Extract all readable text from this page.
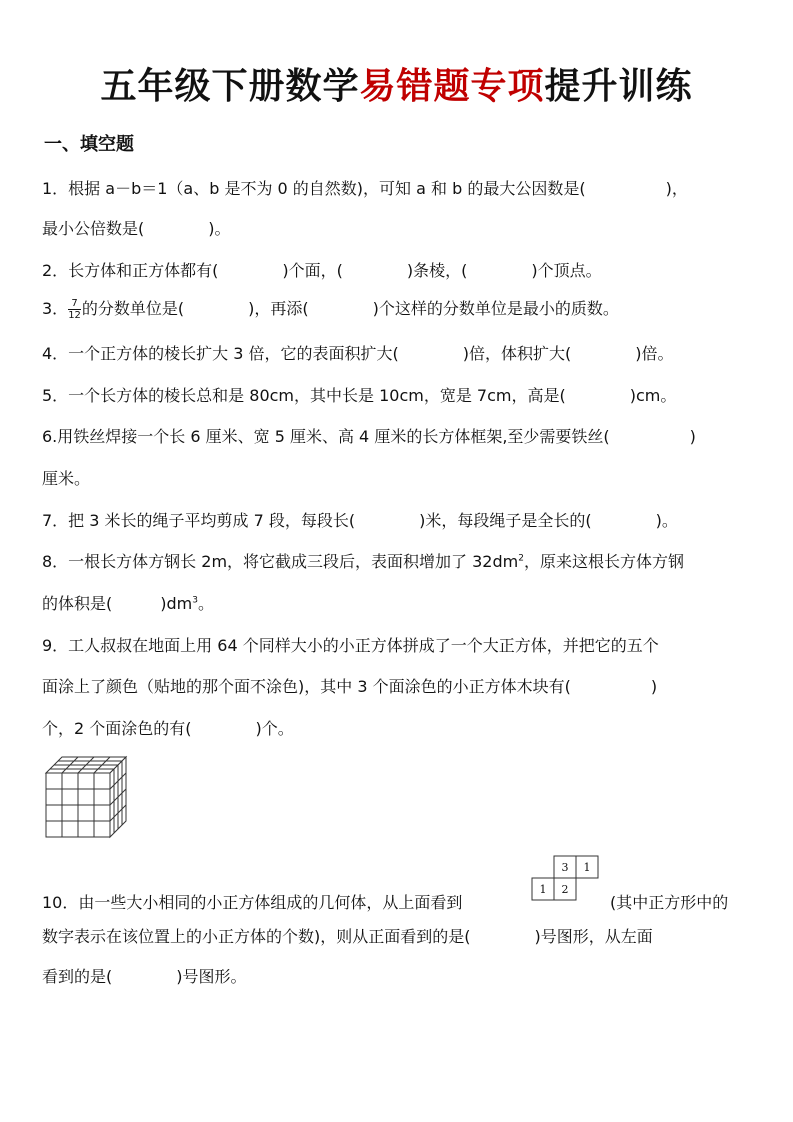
五年级下册数学易错题专项提升训练
一、填空题
1．根据 a－b＝1（a、b 是不为 0 的自然数)，可知 a 和 b 的最大公因数是(　　　　　)，
最小公倍数是(　　　　)。
2．长方体和正方体都有(　　　　)个面，(　　　　)条棱，(　　　　)个顶点。
3． $\frac{7}{12}$ 的分数单位是(　　　　)，再添(　　　　)个这样的分数单位是最小的质数。
4．一个正方体的棱长扩大 3 倍，它的表面积扩大(　　　　)倍，体积扩大(　　　　)倍。
5．一个长方体的棱长总和是 80cm，其中长是 10cm，宽是 7cm，高是(　　　　)cm。
6.用铁丝焊接一个长 6 厘米、宽 5 厘米、高 4 厘米的长方体框架,至少需要铁丝(　　　　　)
厘米。
7．把 3 米长的绳子平均剪成 7 段，每段长(　　　　)米，每段绳子是全长的(　　　　)。
8．一根长方体方钢长 2m，将它截成三段后，表面积增加了 $32dm^2$，原来这根长方体方钢
的体积是(　　　)$dm^3$。
9．工人叔叔在地面上用 64 个同样大小的小正方体拼成了一个大正方体，并把它的五个
面涂上了颜色（贴地的那个面不涂色)，其中 3 个面涂色的小正方体木块有(　　　　　)
个，2 个面涂色的有(　　　　)个。
10．由一些大小相同的小正方体组成的几何体，从上面看到
3 1
1 2
(其中正方形中的
数字表示在该位置上的小正方体的个数)，则从正面看到的是(　　　　)号图形，从左面
看到的是(　　　　)号图形。
